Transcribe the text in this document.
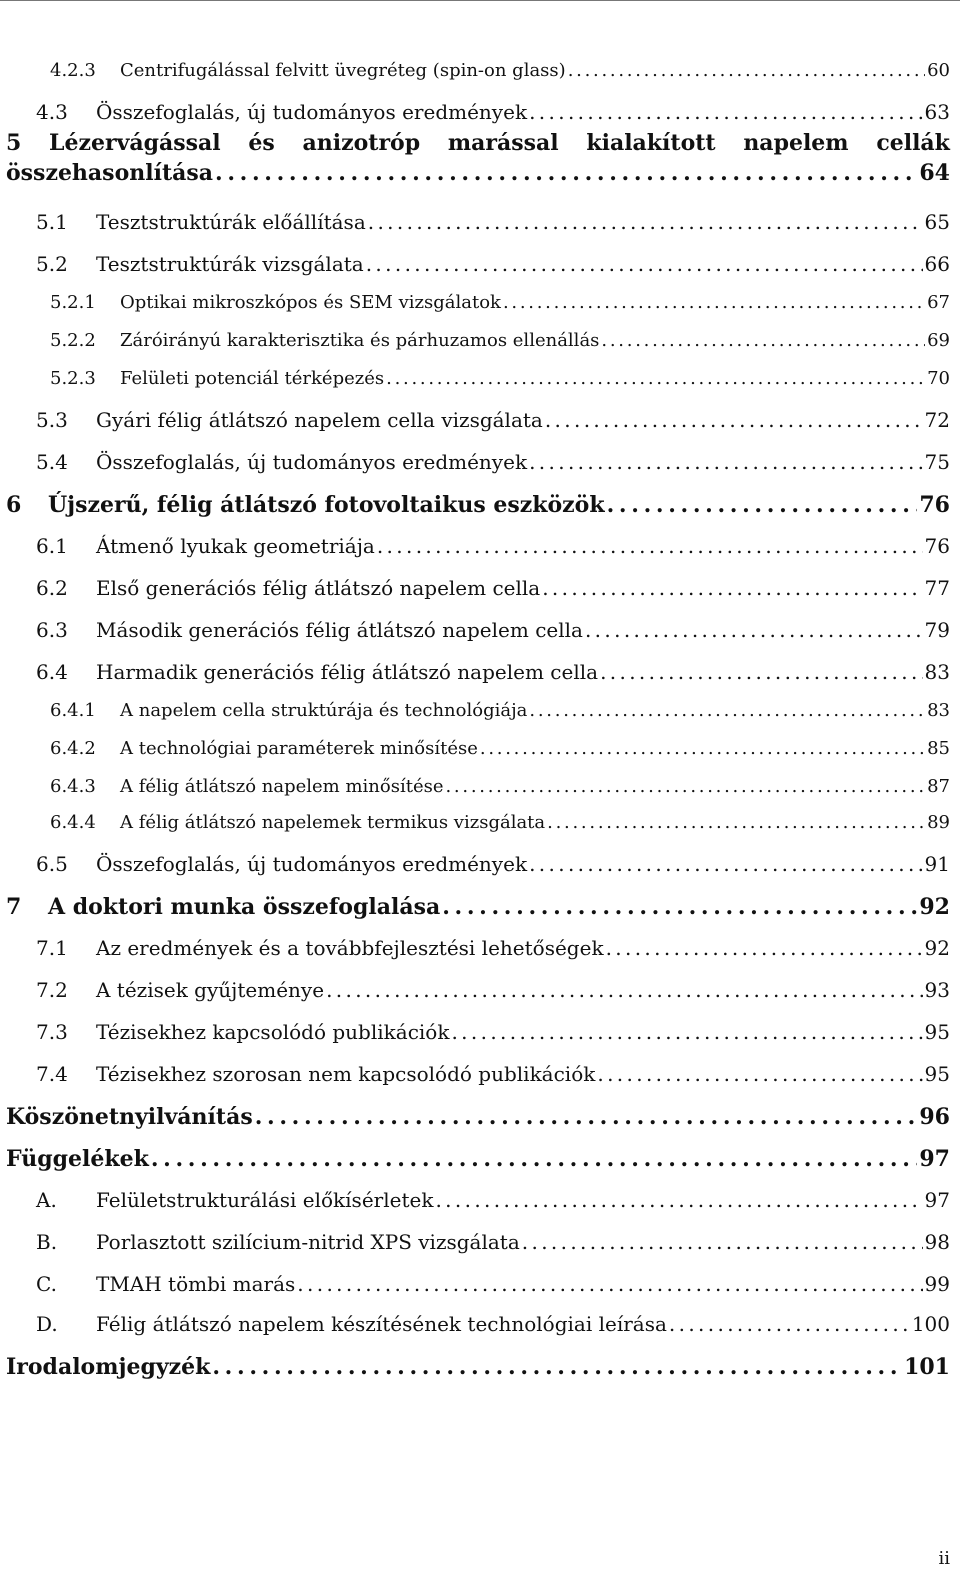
4.2.3	Centrifugálással felvitt üvegréteg (spin-on glass) . . .	60
4.3	Összefoglalás, új tudományos eredmények . . .	63
5 Lézervágással és anizotróp marással kialakított napelem cellák
összehasonlítása . . .	64
5.1	Tesztstruktúrák előállítása . . .	65
5.2	Tesztstruktúrák vizsgálata . . .	66
5.2.1	Optikai mikroszkópos és SEM vizsgálatok . . .	67
5.2.2	Záróirányú karakterisztika és párhuzamos ellenállás . . .	69
5.2.3	Felületi potenciál térképezés . . .	70
5.3	Gyári félig átlátszó napelem cella vizsgálata . . .	72
5.4	Összefoglalás, új tudományos eredmények . . .	75
6	Újszerű, félig átlátszó fotovoltaikus eszközök . . .	76
6.1	Átmenő lyukak geometriája . . .	76
6.2	Első generációs félig átlátszó napelem cella . . .	77
6.3	Második generációs félig átlátszó napelem cella . . .	79
6.4	Harmadik generációs félig átlátszó napelem cella . . .	83
6.4.1	A napelem cella struktúrája és technológiája . . .	83
6.4.2	A technológiai paraméterek minősítése . . .	85
6.4.3	A félig átlátszó napelem minősítése . . .	87
6.4.4	A félig átlátszó napelemek termikus vizsgálata . . .	89
6.5	Összefoglalás, új tudományos eredmények . . .	91
7	A doktori munka összefoglalása . . .	92
7.1	Az eredmények és a továbbfejlesztési lehetőségek . . .	92
7.2	A tézisek gyűjteménye . . .	93
7.3	Tézisekhez kapcsolódó publikációk . . .	95
7.4	Tézisekhez szorosan nem kapcsolódó publikációk . . .	95
Köszönetnyilvánítás . . .	96
Függelékek . . .	97
A.	Felületstrukturálási előkísérletek . . .	97
B.	Porlasztott szilícium-nitrid XPS vizsgálata . . .	98
C.	TMAH tömbi marás . . .	99
D.	Félig átlátszó napelem készítésének technológiai leírása . . .	100
Irodalomjegyzék . . .	101
ii
